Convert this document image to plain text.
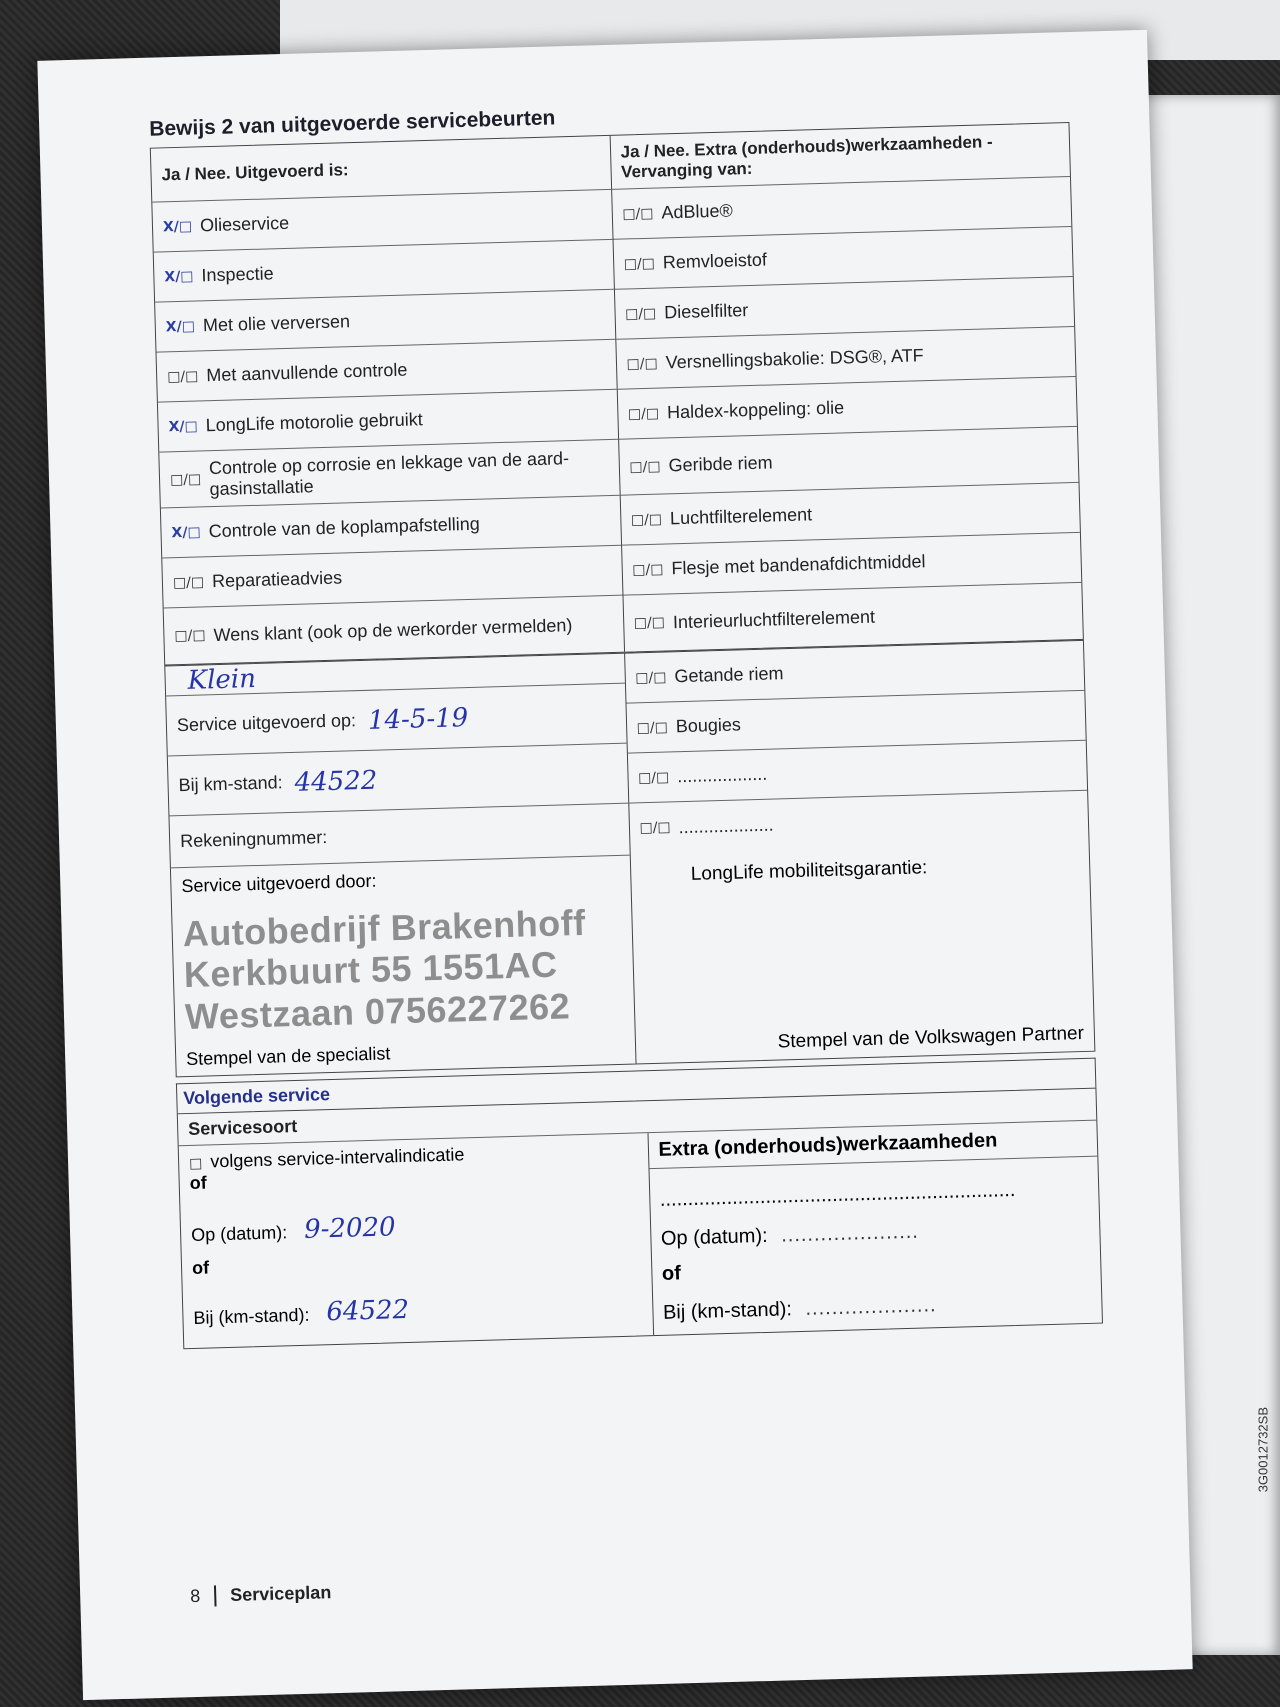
Bewijs 2 van uitgevoerde servicebeurten
Ja / Nee. Uitgevoerd is:
X/□ Olieservice
X/□ Inspectie
X/□ Met olie verversen
□/□ Met aanvullende controle
X/□ LongLife motorolie gebruikt
□/□
Controle op corrosie en lekkage van de aard-gasinstallatie
X/□ Controle van de koplampafstelling
□/□ Reparatieadvies
□/□ Wens klant (ook op de werkorder vermelden)
Ja / Nee. Extra (onderhouds)werkzaamheden - Vervanging van:
□/□ AdBlue®
□/□ Remvloeistof
□/□ Dieselfilter
□/□ Versnellingsbakolie: DSG®, ATF
□/□ Haldex-koppeling: olie
□/□ Geribde riem
□/□ Luchtfilterelement
□/□ Flesje met bandenafdichtmiddel
□/□ Interieurluchtfilterelement
Klein
Service uitgevoerd op: 14-5-19
Bij km-stand: 44522
Rekeningnummer:
Service uitgevoerd door:
Autobedrijf Brakenhoff
Kerkbuurt 55 1551AC
Westzaan 0756227262
Stempel van de specialist
□/□ Getande riem
□/□ Bougies
□/□ ..................
□/□ ...................
LongLife mobiliteitsgarantie:
Stempel van de Volkswagen Partner
Volgende service
Servicesoort
□ volgens service-intervalindicatie
of
Op (datum): 9-2020
of
Bij (km-stand): 64522
Extra (onderhouds)werkzaamheden
................................................................
Op (datum): .....................
of
Bij (km-stand): ....................
8	Serviceplan
3G0012732SB
